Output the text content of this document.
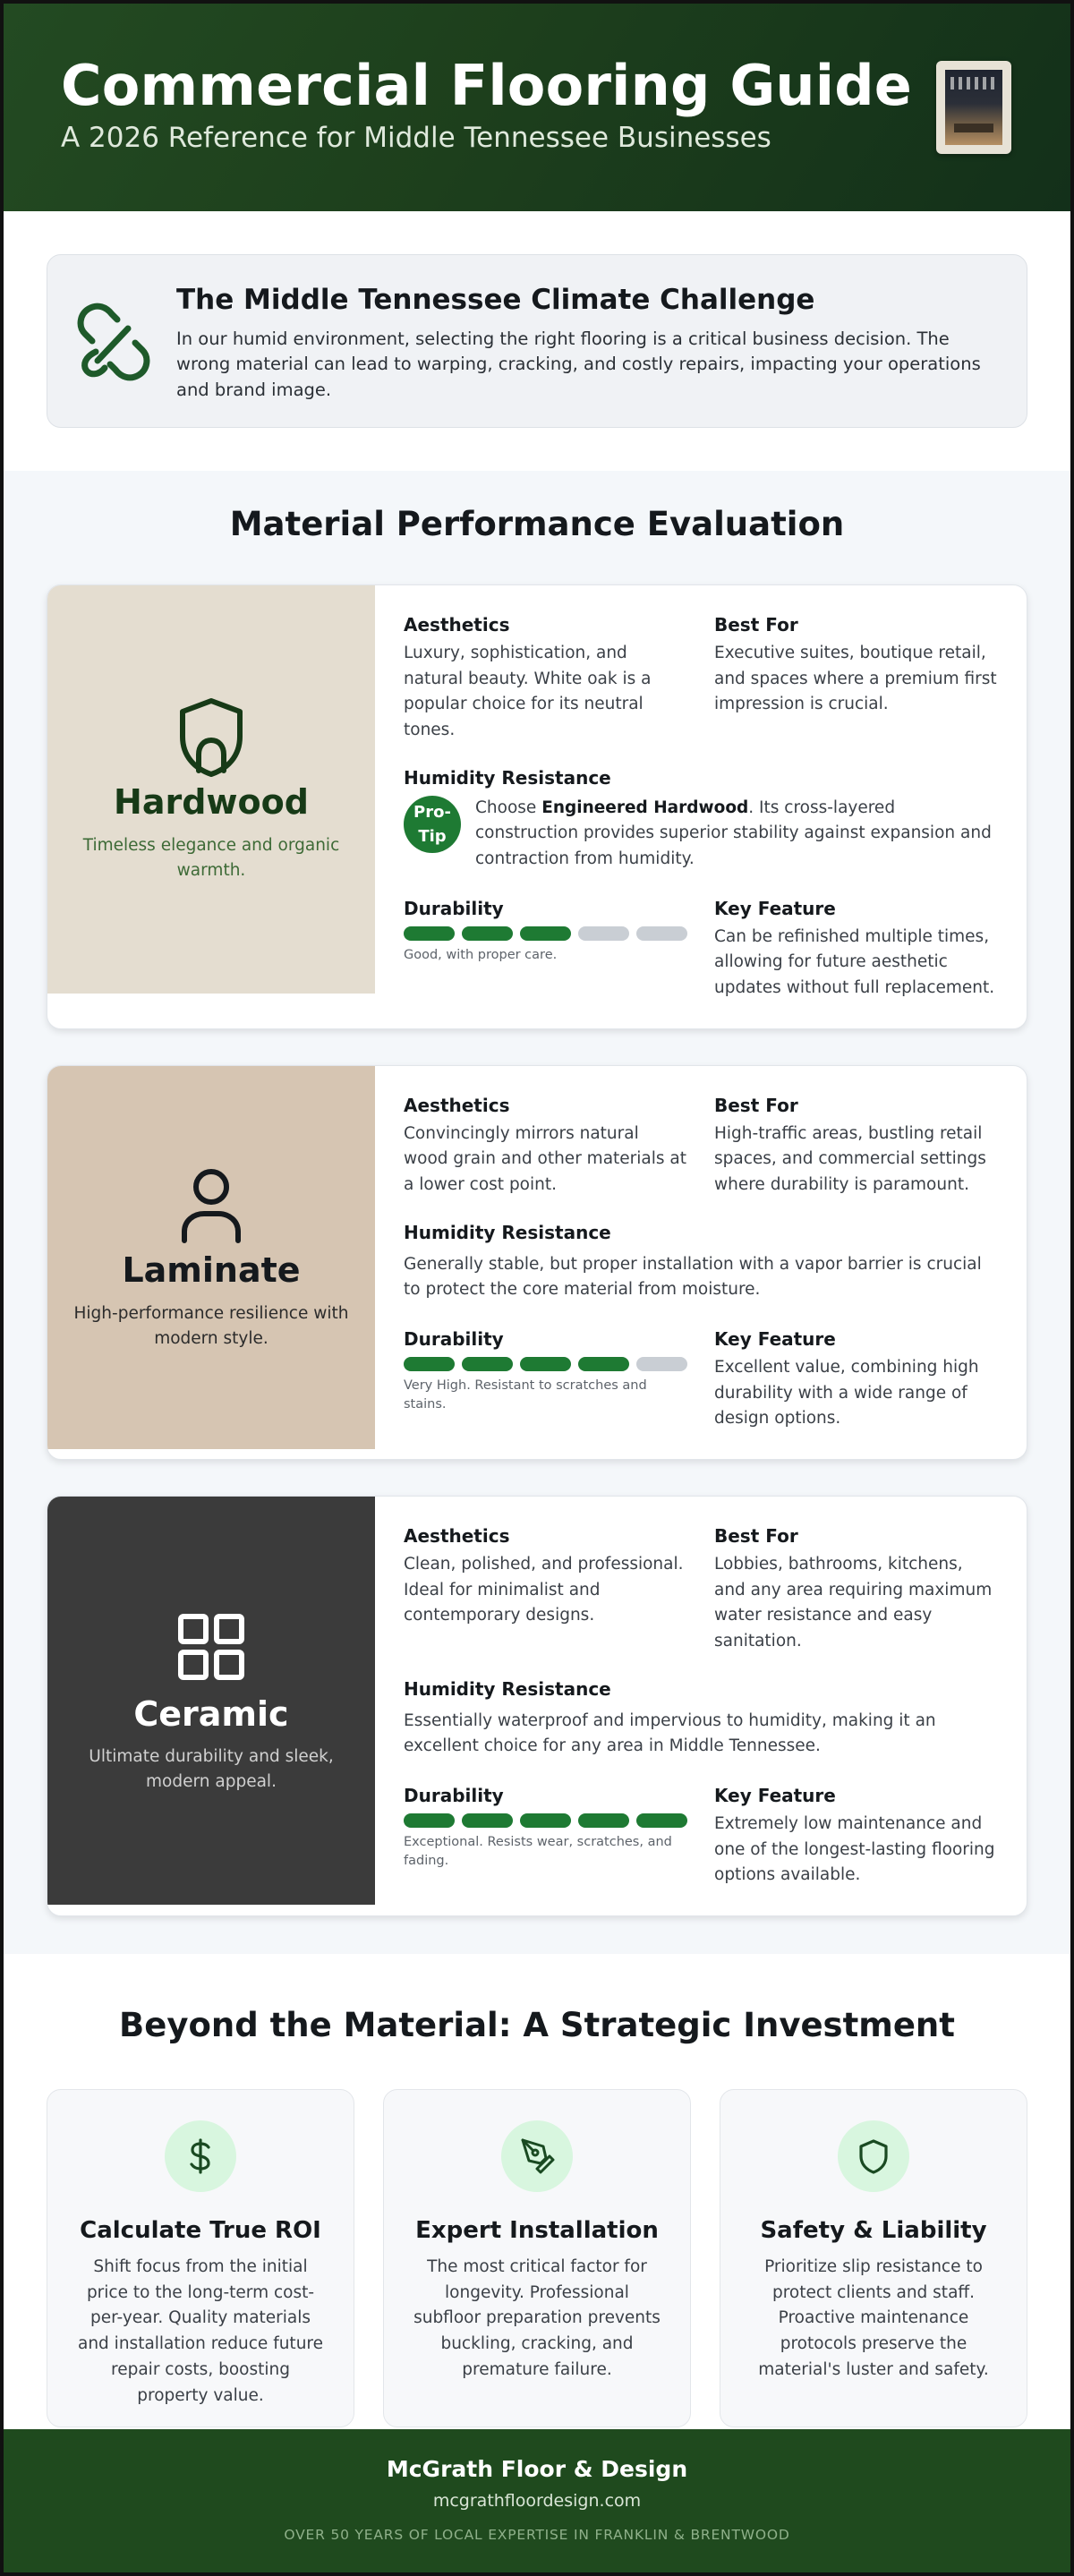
Commercial Flooring Guide
A 2026 Reference for Middle Tennessee Businesses
The Middle Tennessee Climate Challenge

In our humid environment, selecting the right flooring is a critical business decision. The wrong material can lead to warping, cracking, and costly repairs, impacting your operations and brand image.

Material Performance Evaluation
Hardwood
Timeless elegance and organic warmth.
Aesthetics
Luxury, sophistication, and natural beauty. White oak is a popular choice for its neutral tones.
Best For
Executive suites, boutique retail, and spaces where a premium first impression is crucial.
Humidity Resistance
Pro-Tip
Choose Engineered Hardwood. Its cross-layered construction provides superior stability against expansion and contraction from humidity.
Durability
Good, with proper care.
Key Feature
Can be refinished multiple times, allowing for future aesthetic updates without full replacement.
Laminate
High-performance resilience with modern style.
Aesthetics
Convincingly mirrors natural wood grain and other materials at a lower cost point.
Best For
High-traffic areas, bustling retail spaces, and commercial settings where durability is paramount.
Humidity Resistance
Generally stable, but proper installation with a vapor barrier is crucial to protect the core material from moisture.
Durability
Very High. Resistant to scratches and stains.
Key Feature
Excellent value, combining high durability with a wide range of design options.
Ceramic
Ultimate durability and sleek, modern appeal.
Aesthetics
Clean, polished, and professional. Ideal for minimalist and contemporary designs.
Best For
Lobbies, bathrooms, kitchens, and any area requiring maximum water resistance and easy sanitation.
Humidity Resistance
Essentially waterproof and impervious to humidity, making it an excellent choice for any area in Middle Tennessee.
Durability
Exceptional. Resists wear, scratches, and fading.
Key Feature
Extremely low maintenance and one of the longest-lasting flooring options available.
Beyond the Material: A Strategic Investment
Calculate True ROI

Shift focus from the initial price to the long-term cost-per-year. Quality materials and installation reduce future repair costs, boosting property value.

Expert Installation

The most critical factor for longevity. Professional subfloor preparation prevents buckling, cracking, and premature failure.

Safety & Liability

Prioritize slip resistance to protect clients and staff. Proactive maintenance protocols preserve the material's luster and safety.

McGrath Floor & Design
mcgrathfloordesign.com
OVER 50 YEARS OF LOCAL EXPERTISE IN FRANKLIN & BRENTWOOD
